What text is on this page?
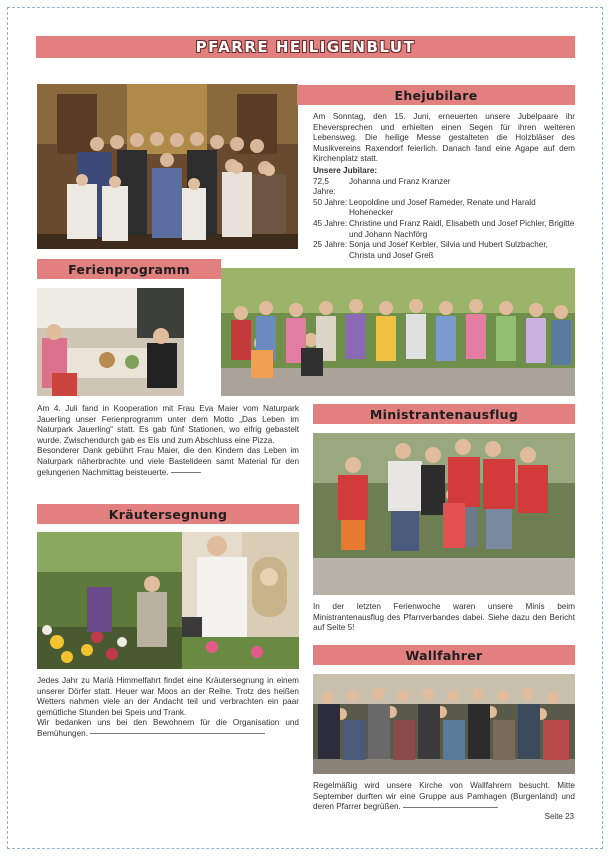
PFARRE HEILIGENBLUT
Ehejubilare

Am Sonntag, den 15. Juni, erneuerten unsere Jubelpaare ihr Eheversprechen und erhielten einen Segen für ihren weiteren Lebensweg. Die heilige Messe gestalteten die Holzbläser des Musikvereins Raxendorf feierlich. Danach fand eine Agape auf dem Kirchenplatz statt.

Unsere Jubilare:
72,5 Jahre:
Johanna und Franz Kranzer
50 Jahre: Leopoldine und Josef Rameder, Renate und Harald Hohenecker
45 Jahre: Christine und Franz Raidl, Elisabeth und Josef Pichler, Brigitte und Johann Nachförg
25 Jahre: Sonja und Josef Kerbler, Silvia und Hubert Sulzbacher, Christa und Josef Greß
Ferienprogramm

Am 4. Juli fand in Kooperation mit Frau Eva Maier vom Naturpark Jauerling unser Ferienprogramm unter dem Motto „Das Leben im Naturpark Jauerling“ statt. Es gab fünf Stationen, wo eifrig gebastelt wurde. Zwischendurch gab es Eis und zum Abschluss eine Pizza.

Besonderer Dank gebührt Frau Maier, die den Kindern das Leben im Naturpark näherbrachte und viele Bastelideen samt Material für den gelungenen Nachmittag beisteuerte.

Ministrantenausflug

In der letzten Ferienwoche waren unsere Minis beim Ministrantenausflug des Pfarrverbandes dabei. Siehe dazu den Bericht auf Seite 5!

Kräutersegnung

Jedes Jahr zu Mariä Himmelfahrt findet eine Kräutersegnung in einem unserer Dörfer statt. Heuer war Moos an der Reihe. Trotz des heißen Wetters nahmen viele an der Andacht teil und verbrachten ein paar gemütliche Stunden bei Speis und Trank.

Wir bedanken uns bei den Bewohnern für die Organisation und Bemühungen.

Wallfahrer

Regelmäßig wird unsere Kirche von Wallfahrern besucht. Mitte September durften wir eine Gruppe aus Pamhagen (Burgenland) und deren Pfarrer begrüßen.

Seite 23
